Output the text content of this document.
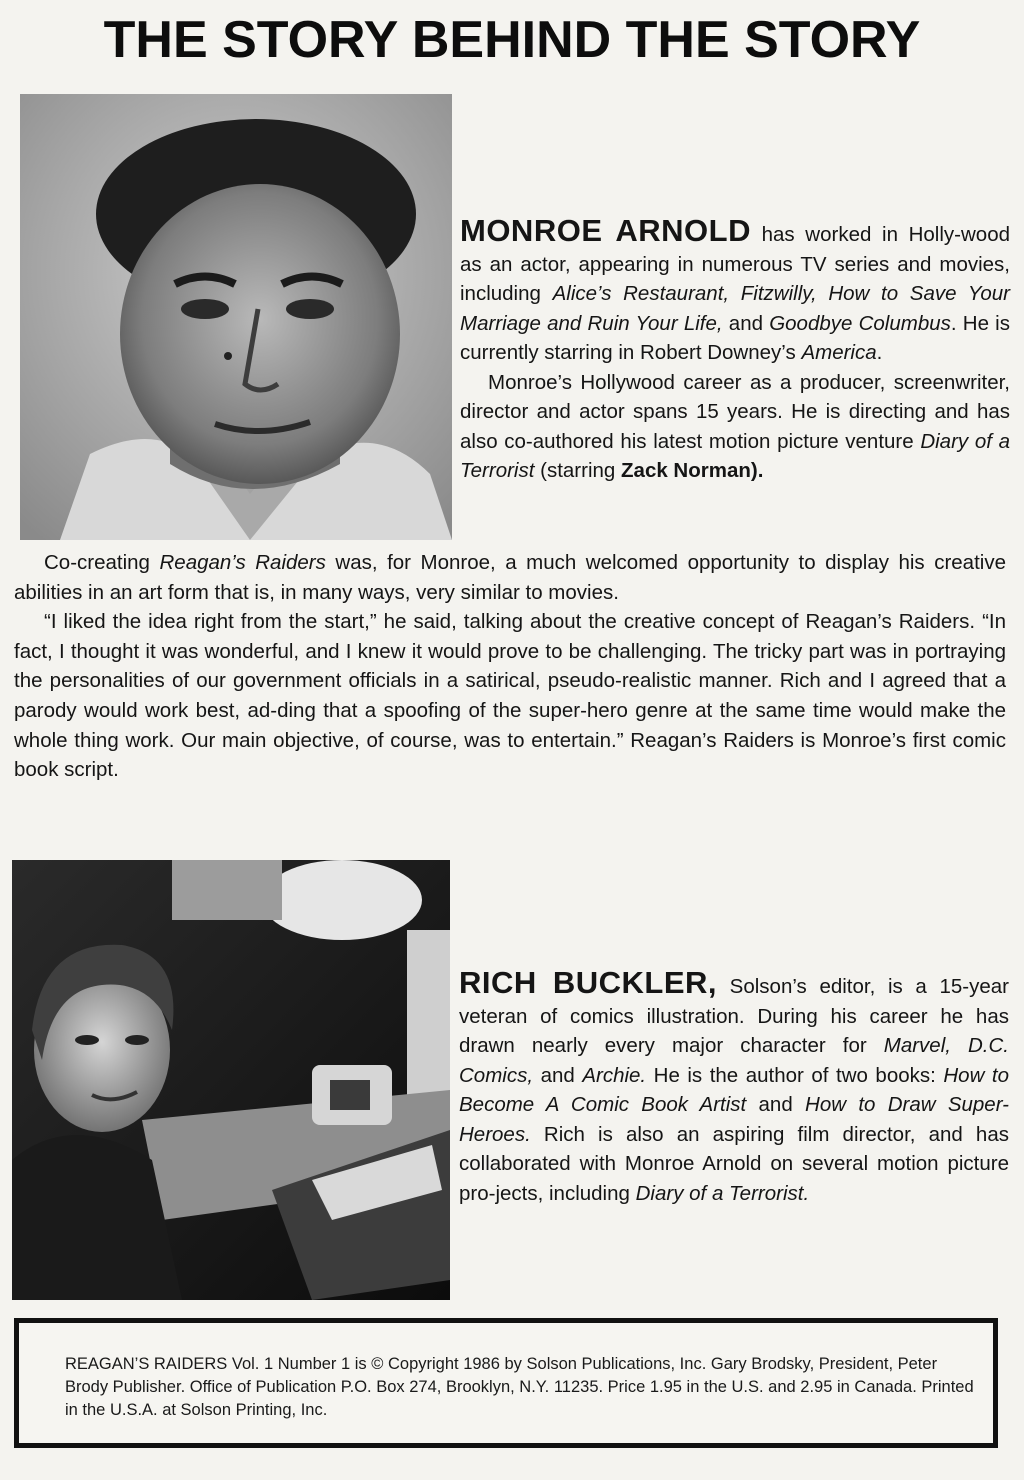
THE STORY BEHIND THE STORY

MONROE ARNOLD has worked in Holly-wood as an actor, appearing in numerous TV series and movies, including Alice’s Restaurant, Fitzwilly, How to Save Your Marriage and Ruin Your Life, and Goodbye Columbus. He is currently starring in Robert Downey’s America.

Monroe’s Hollywood career as a producer, screenwriter, director and actor spans 15 years. He is directing and has also co-authored his latest motion picture venture Diary of a Terrorist (starring Zack Norman).

Co-creating Reagan’s Raiders was, for Monroe, a much welcomed opportunity to display his creative abilities in an art form that is, in many ways, very similar to movies.

“I liked the idea right from the start,” he said, talking about the creative concept of Reagan’s Raiders. “In fact, I thought it was wonderful, and I knew it would prove to be challenging. The tricky part was in portraying the personalities of our government officials in a satirical, pseudo-realistic manner. Rich and I agreed that a parody would work best, ad-ding that a spoofing of the super-hero genre at the same time would make the whole thing work. Our main objective, of course, was to entertain.” Reagan’s Raiders is Monroe’s first comic book script.

RICH BUCKLER, Solson’s editor, is a 15-year veteran of comics illustration. During his career he has drawn nearly every major character for Marvel, D.C. Comics, and Archie. He is the author of two books: How to Become A Comic Book Artist and How to Draw Super-Heroes. Rich is also an aspiring film director, and has collaborated with Monroe Arnold on several motion picture pro-jects, including Diary of a Terrorist.

REAGAN’S RAIDERS Vol. 1 Number 1 is © Copyright 1986 by Solson Publications, Inc. Gary Brodsky, President, Peter Brody Publisher. Office of Publication P.O. Box 274, Brooklyn, N.Y. 11235. Price 1.95 in the U.S. and 2.95 in Canada. Printed in the U.S.A. at Solson Printing, Inc.
